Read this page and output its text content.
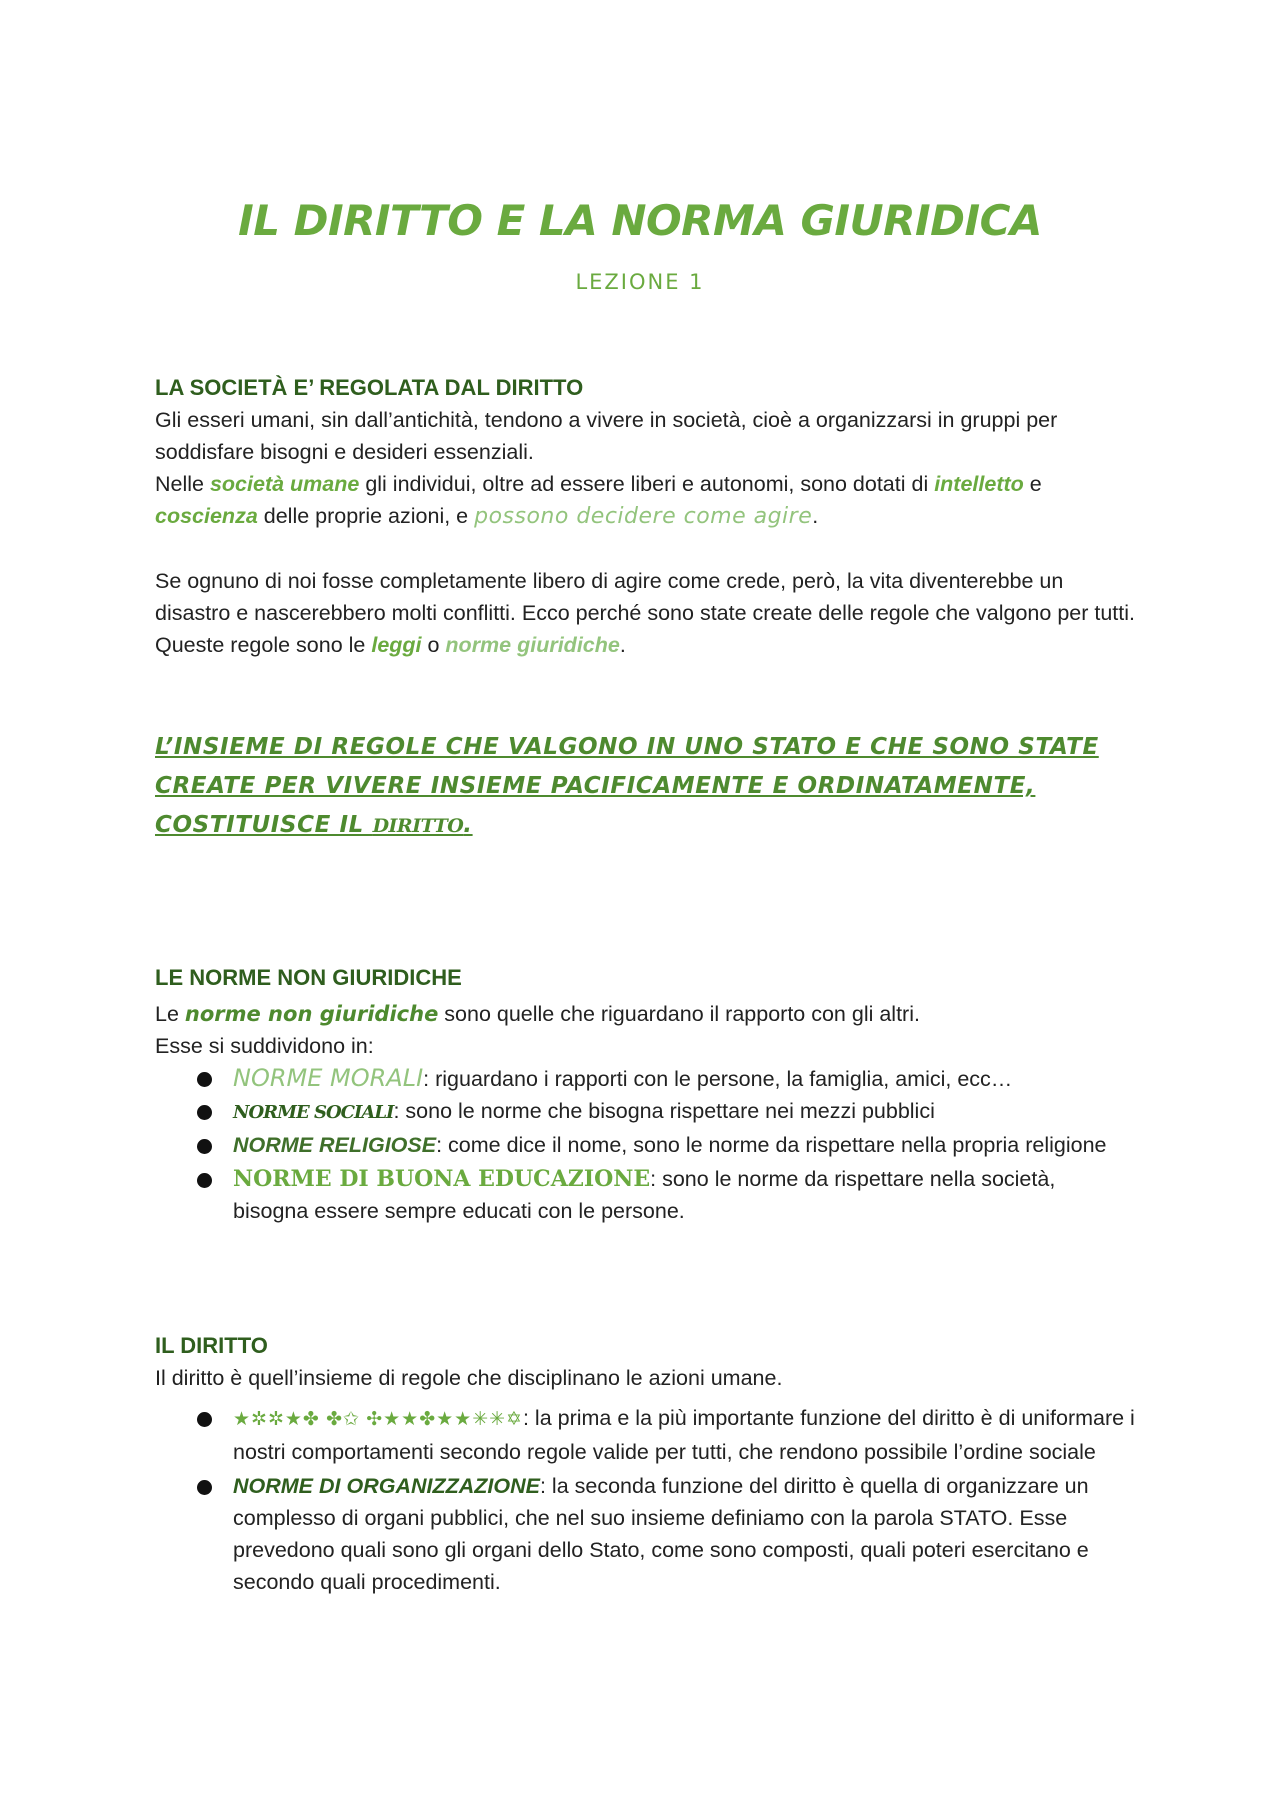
IL DIRITTO E LA NORMA GIURIDICA
LEZIONE 1
LA SOCIETÀ E’ REGOLATA DAL DIRITTO

Gli esseri umani, sin dall’antichità, tendono a vivere in società, cioè a organizzarsi in gruppi per soddisfare bisogni e desideri essenziali.

Nelle società umane gli individui, oltre ad essere liberi e autonomi, sono dotati di intelletto e coscienza delle proprie azioni, e possono decidere come agire.

Se ognuno di noi fosse completamente libero di agire come crede, però, la vita diventerebbe un disastro e nascerebbero molti conflitti. Ecco perché sono state create delle regole che valgono per tutti. Queste regole sono le leggi o norme giuridiche.

L’INSIEME DI REGOLE CHE VALGONO IN UNO STATO E CHE SONO STATE
CREATE PER VIVERE INSIEME PACIFICAMENTE E ORDINATAMENTE,
COSTITUISCE IL DIRITTO.
LE NORME NON GIURIDICHE

Le norme non giuridiche sono quelle che riguardano il rapporto con gli altri.

Esse si suddividono in:

NORME MORALI: riguardano i rapporti con le persone, la famiglia, amici, ecc…
NORME SOCIALI: sono le norme che bisogna rispettare nei mezzi pubblici
NORME RELIGIOSE: come dice il nome, sono le norme da rispettare nella propria religione
NORME DI BUONA EDUCAZIONE: sono le norme da rispettare nella società, bisogna essere sempre educati con le persone.
IL DIRITTO

Il diritto è quell’insieme di regole che disciplinano le azioni umane.

★✲✲★✤ ✤✩ ✣★★✤★★✳✳✡: la prima e la più importante funzione del diritto è di uniformare i nostri comportamenti secondo regole valide per tutti, che rendono possibile l’ordine sociale
NORME DI ORGANIZZAZIONE: la seconda funzione del diritto è quella di organizzare un complesso di organi pubblici, che nel suo insieme definiamo con la parola STATO. Esse prevedono quali sono gli organi dello Stato, come sono composti, quali poteri esercitano e secondo quali procedimenti.
